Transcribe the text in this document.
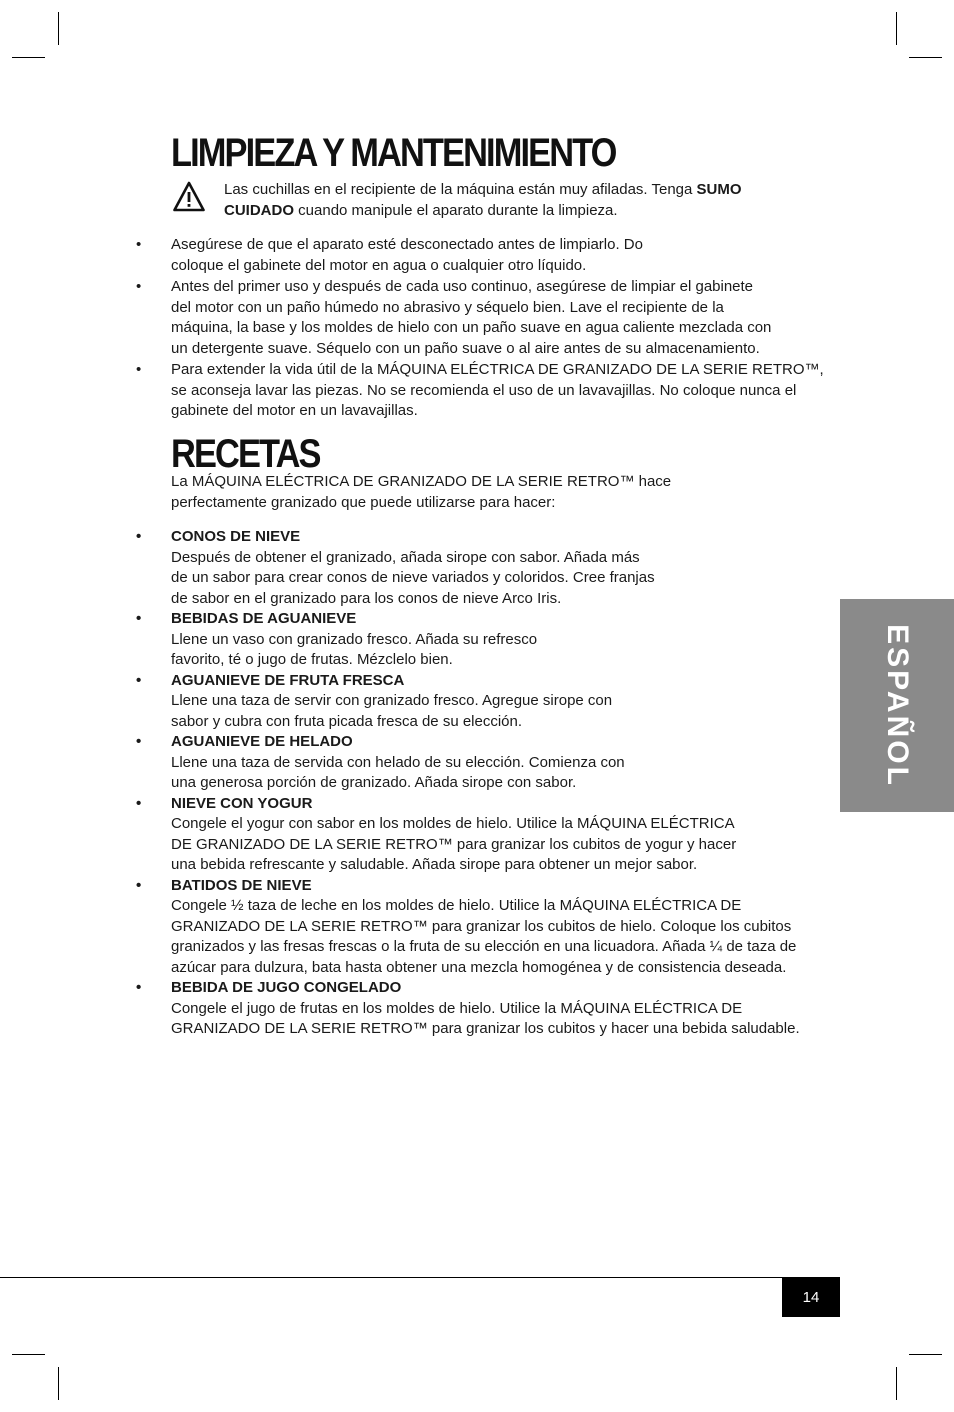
LIMPIEZA Y MANTENIMIENTO
Las cuchillas en el recipiente de la máquina están muy afiladas. Tenga SUMO CUIDADO cuando manipule el aparato durante la limpieza.
• Asegúrese de que el aparato esté desconectado antes de limpiarlo. Do
coloque el gabinete del motor en agua o cualquier otro líquido.
• Antes del primer uso y después de cada uso continuo, asegúrese de limpiar el gabinete
del motor con un paño húmedo no abrasivo y séquelo bien. Lave el recipiente de la
máquina, la base y los moldes de hielo con un paño suave en agua caliente mezclada con
un detergente suave. Séquelo con un paño suave o al aire antes de su almacenamiento.
• Para extender la vida útil de la MÁQUINA ELÉCTRICA DE GRANIZADO DE LA SERIE RETRO™,
se aconseja lavar las piezas. No se recomienda el uso de un lavavajillas. No coloque nunca el
gabinete del motor en un lavavajillas.
RECETAS
La MÁQUINA ELÉCTRICA DE GRANIZADO DE LA SERIE RETRO™ hace
perfectamente granizado que puede utilizarse para hacer:
• CONOS DE NIEVE
Después de obtener el granizado, añada sirope con sabor. Añada más
de un sabor para crear conos de nieve variados y coloridos. Cree franjas
de sabor en el granizado para los conos de nieve Arco Iris.
• BEBIDAS DE AGUANIEVE
Llene un vaso con granizado fresco. Añada su refresco
favorito, té o jugo de frutas. Mézclelo bien.
• AGUANIEVE DE FRUTA FRESCA
Llene una taza de servir con granizado fresco. Agregue sirope con
sabor y cubra con fruta picada fresca de su elección.
• AGUANIEVE DE HELADO
Llene una taza de servida con helado de su elección. Comienza con
una generosa porción de granizado. Añada sirope con sabor.
• NIEVE CON YOGUR
Congele el yogur con sabor en los moldes de hielo. Utilice la MÁQUINA ELÉCTRICA
DE GRANIZADO DE LA SERIE RETRO™ para granizar los cubitos de yogur y hacer
una bebida refrescante y saludable. Añada sirope para obtener un mejor sabor.
• BATIDOS DE NIEVE
Congele ½ taza de leche en los moldes de hielo. Utilice la MÁQUINA ELÉCTRICA DE
GRANIZADO DE LA SERIE RETRO™ para granizar los cubitos de hielo. Coloque los cubitos
granizados y las fresas frescas o la fruta de su elección en una licuadora. Añada ¼ de taza de
azúcar para dulzura, bata hasta obtener una mezcla homogénea y de consistencia deseada.
• BEBIDA DE JUGO CONGELADO
Congele el jugo de frutas en los moldes de hielo. Utilice la MÁQUINA ELÉCTRICA DE
GRANIZADO DE LA SERIE RETRO™ para granizar los cubitos y hacer una bebida saludable.
ESPAÑOL
14
